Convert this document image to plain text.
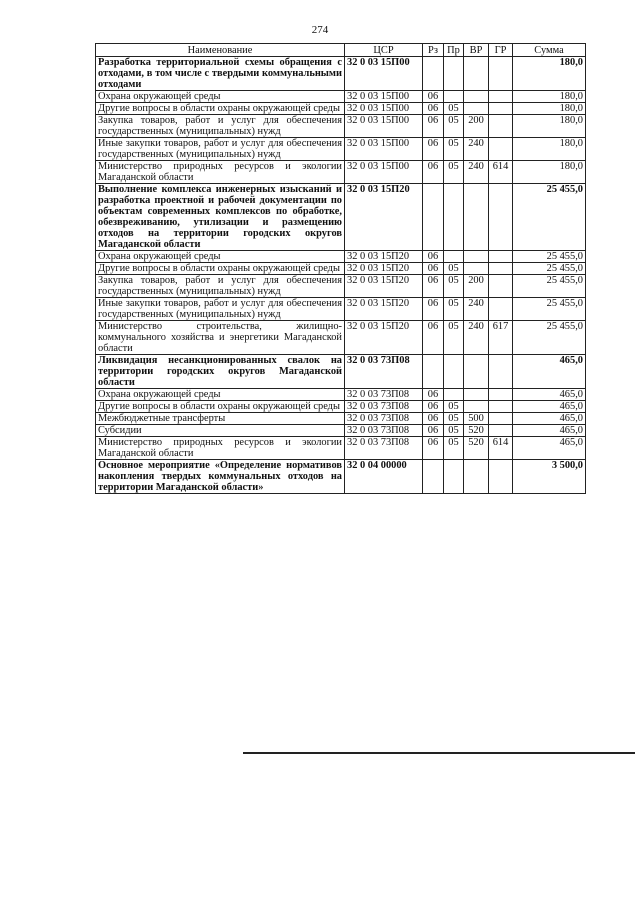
274
Наименование	ЦСР	Рз	Пр	ВР	ГР	Сумма
Разработка территориальной схемы обращения с отходами, в том числе с твердыми коммунальными отходами	32 0 03 15П00					180,0
Охрана окружающей среды	32 0 03 15П00	06				180,0
Другие вопросы в области охраны окружающей среды	32 0 03 15П00	06	05			180,0
Закупка товаров, работ и услуг для обеспечения государственных (муниципальных) нужд	32 0 03 15П00	06	05	200		180,0
Иные закупки товаров, работ и услуг для обеспечения государственных (муниципальных) нужд	32 0 03 15П00	06	05	240		180,0
Министерство природных ресурсов и экологии Магаданской области	32 0 03 15П00	06	05	240	614	180,0
Выполнение комплекса инженерных изысканий и разработка проектной и рабочей документации по объектам современных комплексов по обработке, обезвреживанию, утилизации и размещению отходов на территории городских округов Магаданской области	32 0 03 15П20					25 455,0
Охрана окружающей среды	32 0 03 15П20	06				25 455,0
Другие вопросы в области охраны окружающей среды	32 0 03 15П20	06	05			25 455,0
Закупка товаров, работ и услуг для обеспечения государственных (муниципальных) нужд	32 0 03 15П20	06	05	200		25 455,0
Иные закупки товаров, работ и услуг для обеспечения государственных (муниципальных) нужд	32 0 03 15П20	06	05	240		25 455,0
Министерство строительства, жилищно-коммунального хозяйства и энергетики Магаданской области	32 0 03 15П20	06	05	240	617	25 455,0
Ликвидация несанкционированных свалок на территории городских округов Магаданской области	32 0 03 73П08					465,0
Охрана окружающей среды	32 0 03 73П08	06				465,0
Другие вопросы в области охраны окружающей среды	32 0 03 73П08	06	05			465,0
Межбюджетные трансферты	32 0 03 73П08	06	05	500		465,0
Субсидии	32 0 03 73П08	06	05	520		465,0
Министерство природных ресурсов и экологии Магаданской области	32 0 03 73П08	06	05	520	614	465,0
Основное мероприятие «Определение нормативов накопления твердых коммунальных отходов на территории Магаданской области»	32 0 04 00000					3 500,0
